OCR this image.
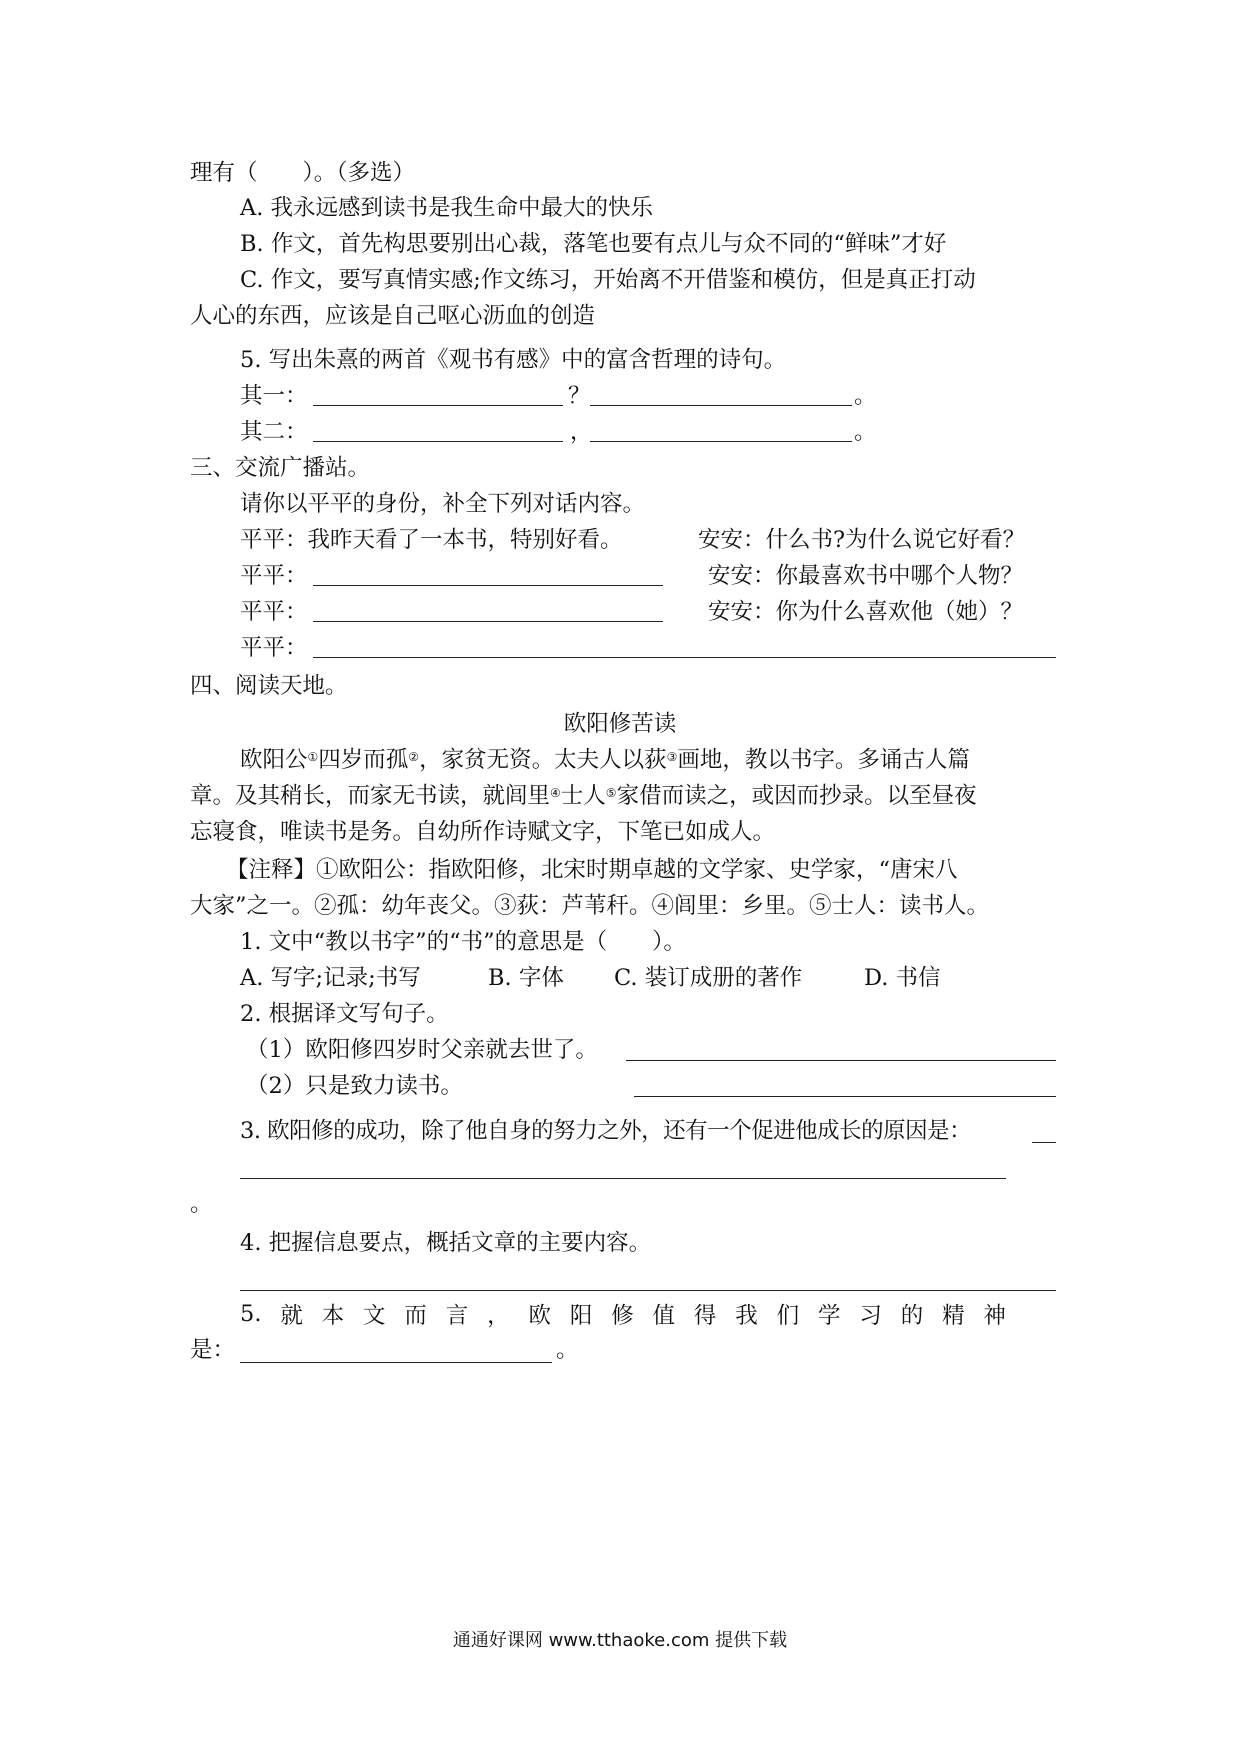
理有（　　）。（多选）
A. 我永远感到读书是我生命中最大的快乐
B. 作文，首先构思要别出心裁，落笔也要有点儿与众不同的“鲜味”才好
C. 作文，要写真情实感;作文练习，开始离不开借鉴和模仿，但是真正打动
人心的东西，应该是自己呕心沥血的创造
5. 写出朱熹的两首《观书有感》中的富含哲理的诗句。
其一：	？	。
其二：	，	。
三、交流广播站。
请你以平平的身份，补全下列对话内容。
平平：我昨天看了一本书，特别好看。	安安：什么书?为什么说它好看？
平平：	安安：你最喜欢书中哪个人物？
平平：	安安：你为什么喜欢他（她）？
平平：
四、阅读天地。
欧阳修苦读
欧阳公①四岁而孤②，家贫无资。太夫人以荻③画地，教以书字。多诵古人篇
章。及其稍长，而家无书读，就闾里④士人⑤家借而读之，或因而抄录。以至昼夜
忘寝食，唯读书是务。自幼所作诗赋文字，下笔已如成人。
【注释】①欧阳公：指欧阳修，北宋时期卓越的文学家、史学家，“唐宋八
大家”之一。②孤：幼年丧父。③荻：芦苇秆。④闾里：乡里。⑤士人：读书人。
1. 文中“教以书字”的“书”的意思是（　　）。
A. 写字;记录;书写	B. 字体 C. 装订成册的著作	D. 书信
2. 根据译文写句子。
（1）欧阳修四岁时父亲就去世了。
（2）只是致力读书。
3. 欧阳修的成功，除了他自身的努力之外，还有一个促进他成长的原因是：
。
4. 把握信息要点，概括文章的主要内容。
5. 就 本 文 而 言 ， 欧 阳 修 值 得 我 们 学 习 的 精 神
是：	。
通通好课网 www.tthaoke.com 提供下载
